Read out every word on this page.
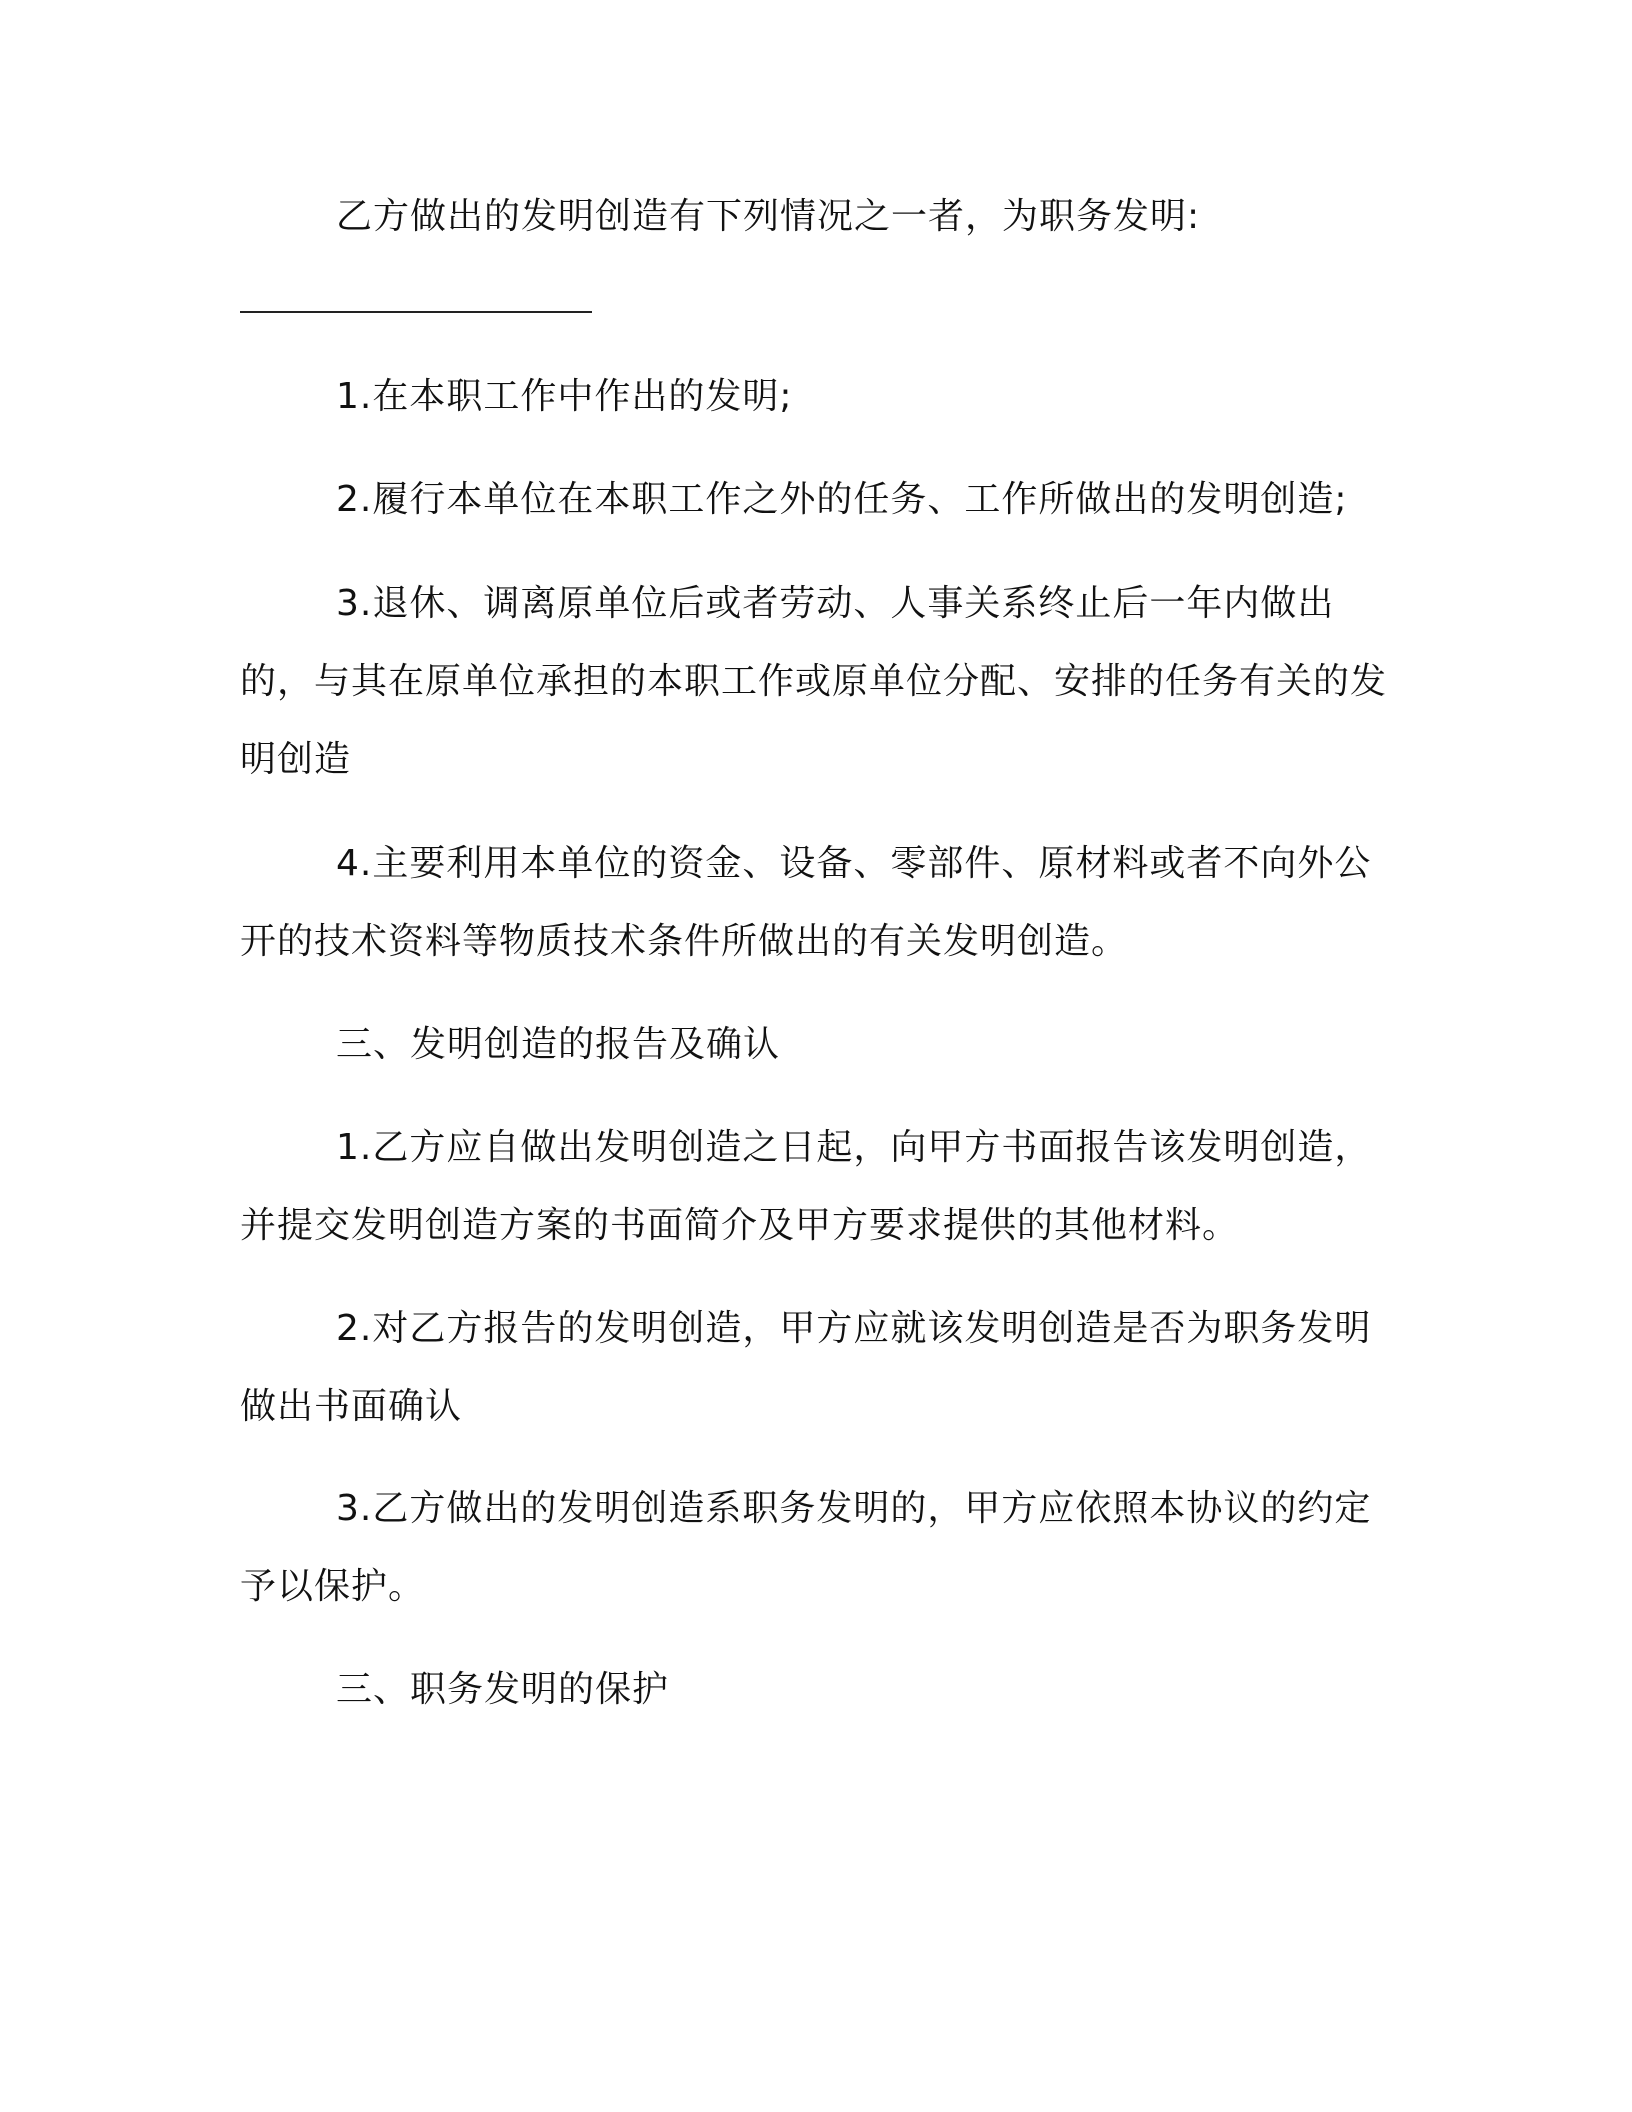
乙方做出的发明创造有下列情况之一者，为职务发明:

1.在本职工作中作出的发明;

2.履行本单位在本职工作之外的任务、工作所做出的发明创造;

3.退休、调离原单位后或者劳动、人事关系终止后一年内做出的，与其在原单位承担的本职工作或原单位分配、安排的任务有关的发明创造

4.主要利用本单位的资金、设备、零部件、原材料或者不向外公开的技术资料等物质技术条件所做出的有关发明创造。

三、发明创造的报告及确认

1.乙方应自做出发明创造之日起，向甲方书面报告该发明创造，并提交发明创造方案的书面简介及甲方要求提供的其他材料。

2.对乙方报告的发明创造，甲方应就该发明创造是否为职务发明做出书面确认

3.乙方做出的发明创造系职务发明的，甲方应依照本协议的约定予以保护。

三、职务发明的保护
